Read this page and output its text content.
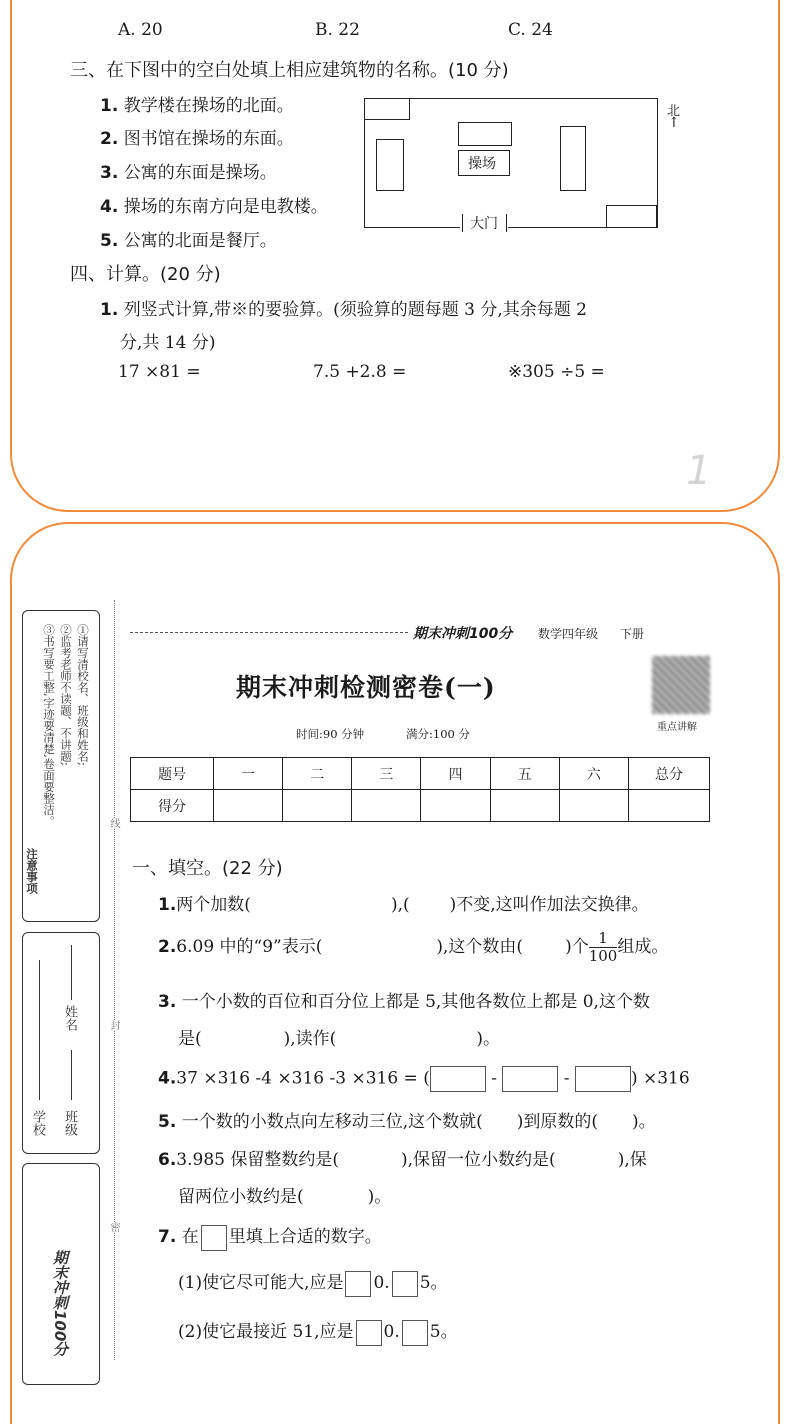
A. 20	B. 22	C. 24
三、在下图中的空白处填上相应建筑物的名称。(10 分)
1. 教学楼在操场的北面。
2. 图书馆在操场的东面。
3. 公寓的东面是操场。
4. 操场的东南方向是电教楼。
5. 公寓的北面是餐厅。
操场
大门
北
↑
四、计算。(20 分)
1. 列竖式计算,带※的要验算。(须验算的题每题 3 分,其余每题 2
分,共 14 分)
17 ×81 =	7.5 +2.8 =	※305 ÷5 =
1
①请写清校名、班级和姓名;
②监考老师不读题、不讲题;
③书写要工整,字迹要清楚,卷面要整洁。
注意事项
学校 班级
姓名
期末冲刺100分
线
封
密
期末冲刺100分 数学四年级 下册
期末冲刺检测密卷(一)
重点讲解
时间:90 分钟	满分:100 分
题号	一	二	三	四	五	六	总分
得分							
一、填空。(22 分)
1.两个加数(	),( )不变,这叫作加法交换律。
2.6.09 中的“9”表示(	),这个数由( )个 $\frac{1}{100}$ 组成。
3. 一个小数的百位和百分位上都是 5,其他各数位上都是 0,这个数
是(	),读作(	)。
4.37 ×316 -4 ×316 -3 ×316 = (	-	-	) ×316
5. 一个数的小数点向左移动三位,这个数就( )到原数的( )。
6.3.985 保留整数约是(	),保留一位小数约是(	),保
留两位小数约是(	)。
7. 在 里填上合适的数字。
(1)使它尽可能大,应是 0. 5。
(2)使它最接近 51,应是 0. 5。
